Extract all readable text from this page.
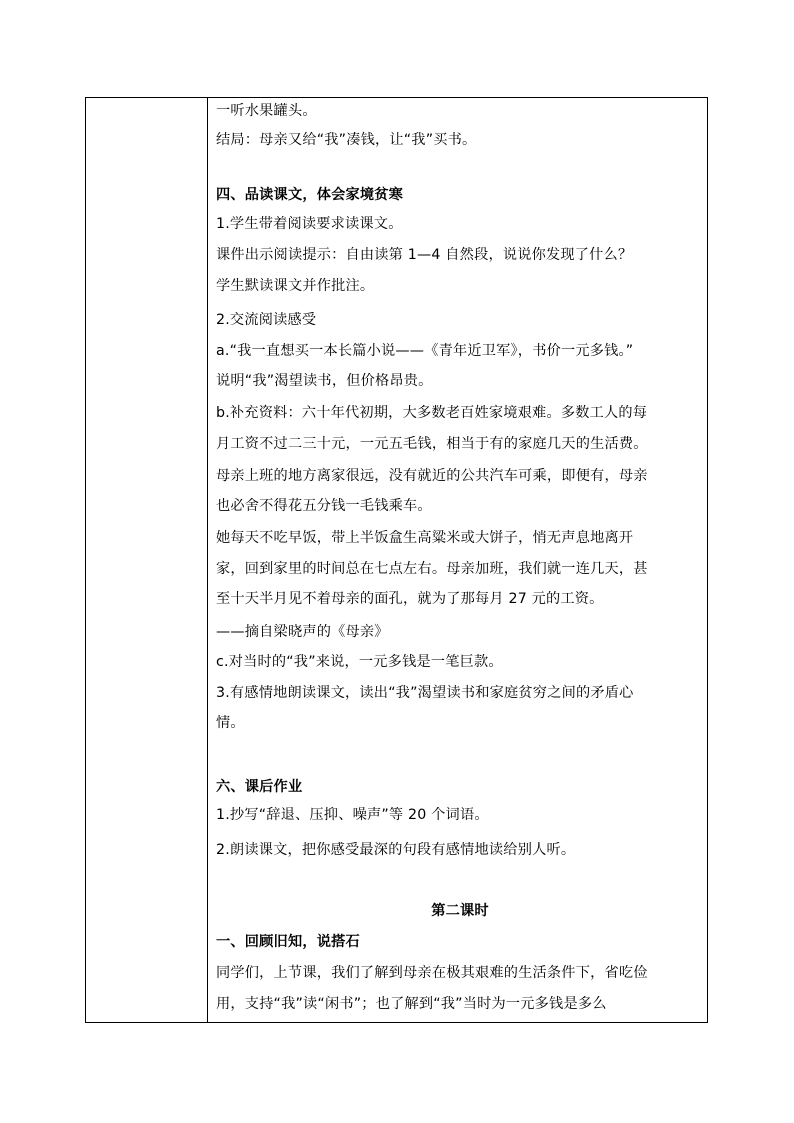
一听水果罐头。
结局：母亲又给“我”凑钱，让“我”买书。
四、品读课文，体会家境贫寒
1.学生带着阅读要求读课文。
课件出示阅读提示：自由读第 1—4 自然段，说说你发现了什么？
学生默读课文并作批注。
2.交流阅读感受
a.“我一直想买一本长篇小说——《青年近卫军》，书价一元多钱。”
说明“我”渴望读书，但价格昂贵。
b.补充资料：六十年代初期，大多数老百姓家境艰难。多数工人的每
月工资不过二三十元，一元五毛钱，相当于有的家庭几天的生活费。
母亲上班的地方离家很远，没有就近的公共汽车可乘，即便有，母亲
也必舍不得花五分钱一毛钱乘车。
她每天不吃早饭，带上半饭盒生高粱米或大饼子，悄无声息地离开
家，回到家里的时间总在七点左右。母亲加班，我们就一连几天，甚
至十天半月见不着母亲的面孔，就为了那每月 27 元的工资。
——摘自梁晓声的《母亲》
c.对当时的“我”来说，一元多钱是一笔巨款。
3.有感情地朗读课文，读出“我”渴望读书和家庭贫穷之间的矛盾心
情。
六、课后作业
1.抄写“辞退、压抑、噪声”等 20 个词语。
2.朗读课文，把你感受最深的句段有感情地读给别人听。
第二课时
一、回顾旧知，说搭石
同学们，上节课，我们了解到母亲在极其艰难的生活条件下，省吃俭
用，支持“我”读“闲书”；也了解到“我”当时为一元多钱是多么
